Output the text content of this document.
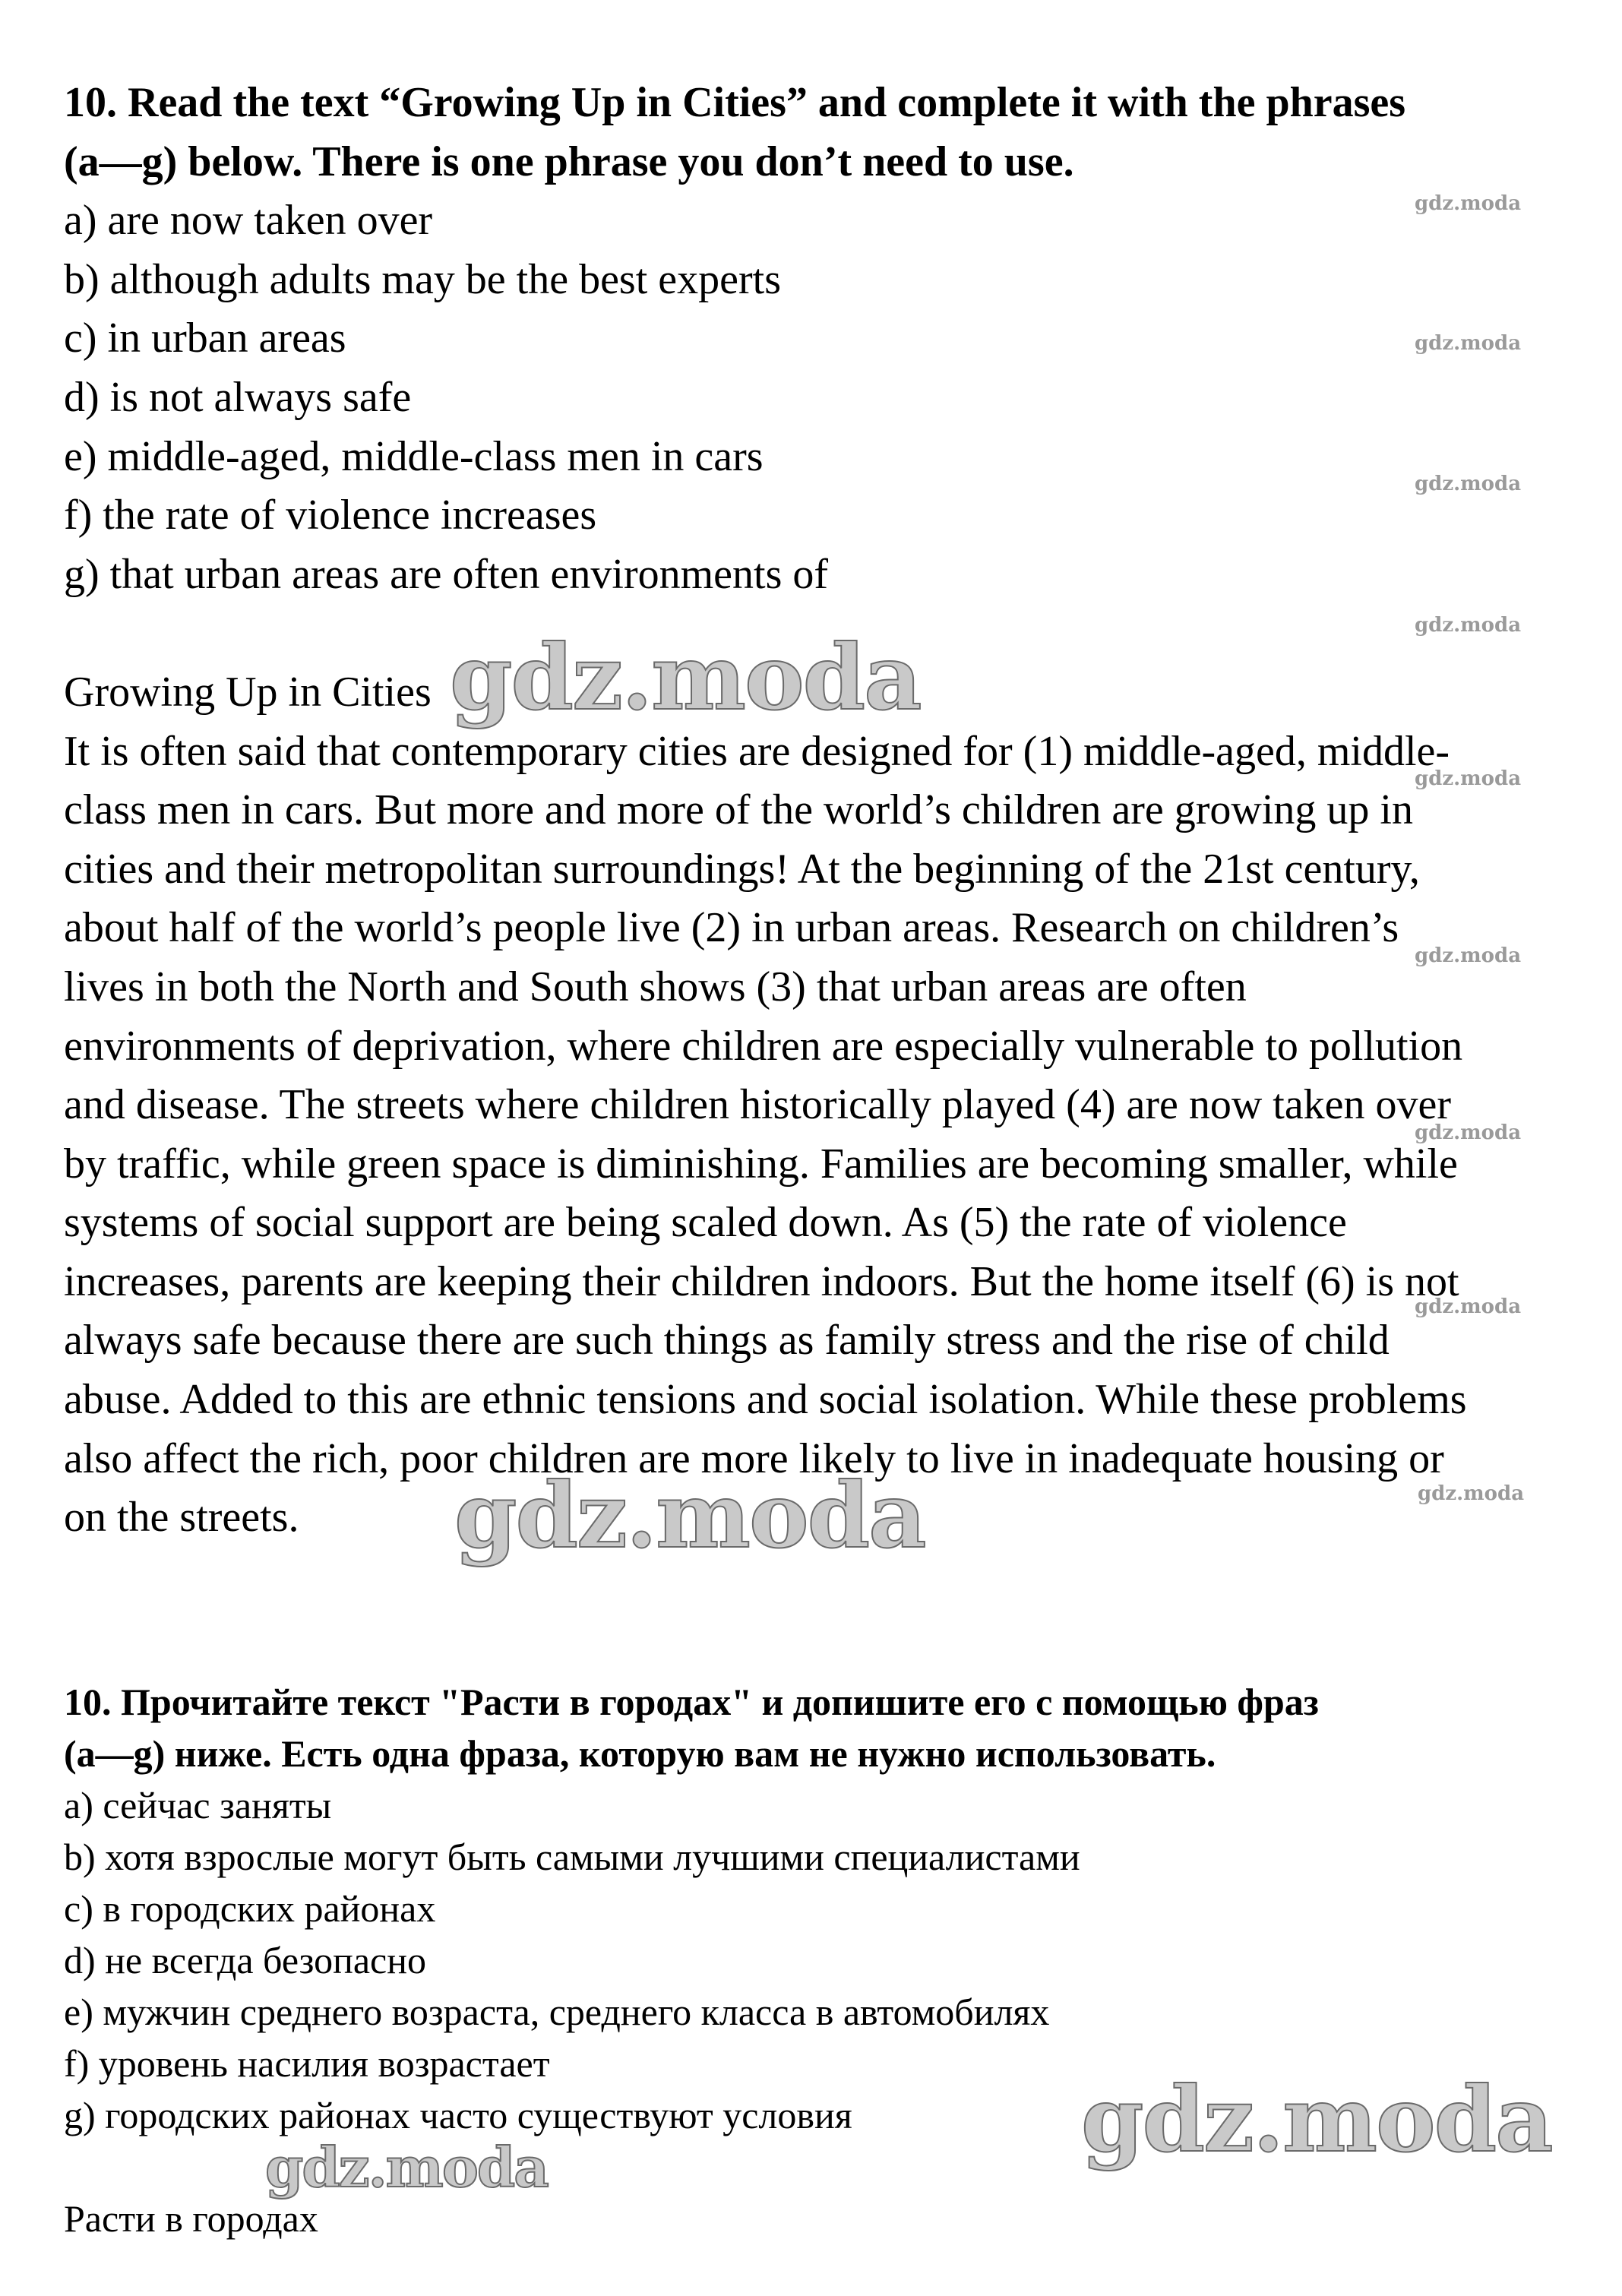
10. Read the text “Growing Up in Cities” and complete it with the phrases
(a—g) below. There is one phrase you don’t need to use.
a) are now taken over
b) although adults may be the best experts
c) in urban areas
d) is not always safe
e) middle-aged, middle-class men in cars
f) the rate of violence increases
g) that urban areas are often environments of
Growing Up in Cities
It is often said that contemporary cities are designed for (1) middle-aged, middle-
class men in cars. But more and more of the world’s children are growing up in
cities and their metropolitan surroundings! At the beginning of the 21st century,
about half of the world’s people live (2) in urban areas. Research on children’s
lives in both the North and South shows (3) that urban areas are often
environments of deprivation, where children are especially vulnerable to pollution
and disease. The streets where children historically played (4) are now taken over
by traffic, while green space is diminishing. Families are becoming smaller, while
systems of social support are being scaled down. As (5) the rate of violence
increases, parents are keeping their children indoors. But the home itself (6) is not
always safe because there are such things as family stress and the rise of child
abuse. Added to this are ethnic tensions and social isolation. While these problems
also affect the rich, poor children are more likely to live in inadequate housing or
on the streets.
10. Прочитайте текст "Расти в городах" и допишите его с помощью фраз
(a—g) ниже. Есть одна фраза, которую вам не нужно использовать.
a) сейчас заняты
b) хотя взрослые могут быть самыми лучшими специалистами
c) в городских районах
d) не всегда безопасно
e) мужчин среднего возраста, среднего класса в автомобилях
f) уровень насилия возрастает
g) городских районах часто существуют условия
Расти в городах
gdz.moda
gdz.moda
gdz.moda
gdz.moda
gdz.moda
gdz.moda
gdz.moda
gdz.moda
gdz.moda
gdz.moda
gdz.moda
gdz.moda
gdz.moda
